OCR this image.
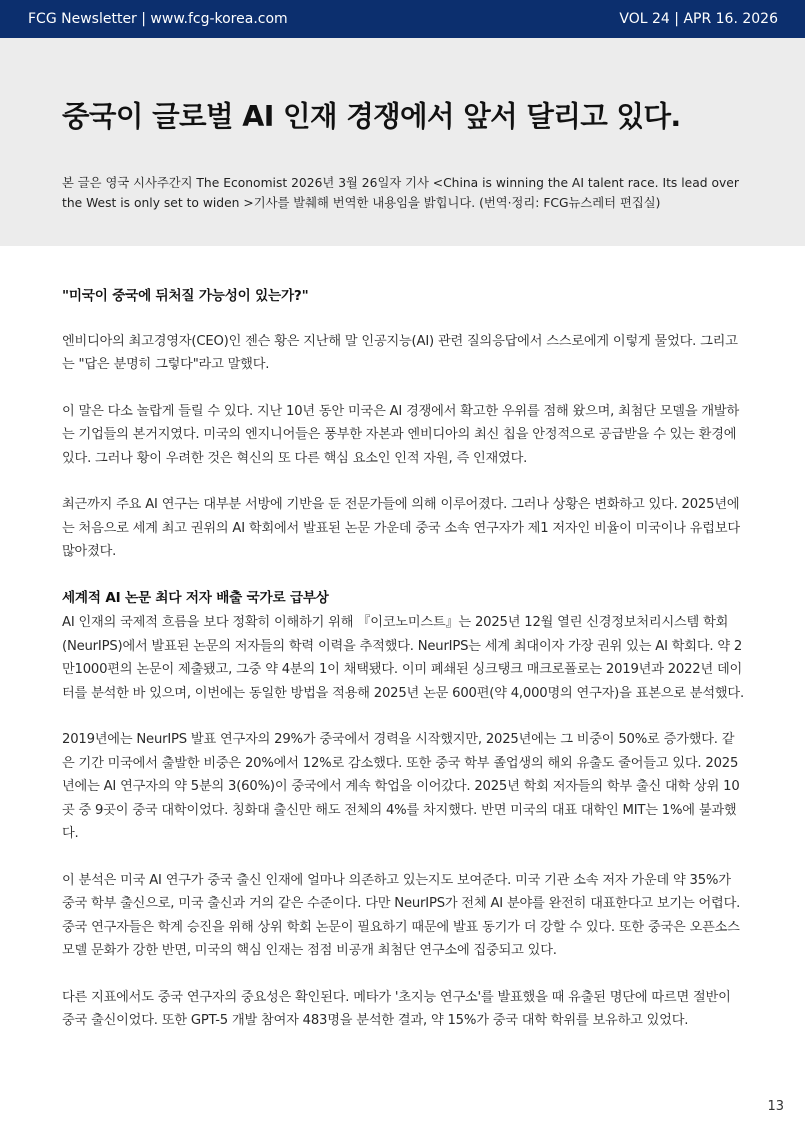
FCG Newsletter | www.fcg-korea.com	VOL 24 | APR 16. 2026
중국이 글로벌 AI 인재 경쟁에서 앞서 달리고 있다.

본 글은 영국 시사주간지 The Economist 2026년 3월 26일자 기사 <China is winning the AI talent race. Its lead over the West is only set to widen >기사를 발췌해 번역한 내용임을 밝힙니다. (번역·정리: FCG뉴스레터 편집실)

"미국이 중국에 뒤처질 가능성이 있는가?"

엔비디아의 최고경영자(CEO)인 젠슨 황은 지난해 말 인공지능(AI) 관련 질의응답에서 스스로에게 이렇게 물었다. 그리고는 "답은 분명히 그렇다"라고 말했다.

이 말은 다소 놀랍게 들릴 수 있다. 지난 10년 동안 미국은 AI 경쟁에서 확고한 우위를 점해 왔으며, 최첨단 모델을 개발하는 기업들의 본거지였다. 미국의 엔지니어들은 풍부한 자본과 엔비디아의 최신 칩을 안정적으로 공급받을 수 있는 환경에 있다. 그러나 황이 우려한 것은 혁신의 또 다른 핵심 요소인 인적 자원, 즉 인재였다.

최근까지 주요 AI 연구는 대부분 서방에 기반을 둔 전문가들에 의해 이루어졌다. 그러나 상황은 변화하고 있다. 2025년에는 처음으로 세계 최고 권위의 AI 학회에서 발표된 논문 가운데 중국 소속 연구자가 제1 저자인 비율이 미국이나 유럽보다 많아졌다.

세계적 AI 논문 최다 저자 배출 국가로 급부상

AI 인재의 국제적 흐름을 보다 정확히 이해하기 위해 『이코노미스트』는 2025년 12월 열린 신경정보처리시스템 학회(NeurIPS)에서 발표된 논문의 저자들의 학력 이력을 추적했다. NeurIPS는 세계 최대이자 가장 권위 있는 AI 학회다. 약 2만1000편의 논문이 제출됐고, 그중 약 4분의 1이 채택됐다. 이미 폐쇄된 싱크탱크 매크로폴로는 2019년과 2022년 데이터를 분석한 바 있으며, 이번에는 동일한 방법을 적용해 2025년 논문 600편(약 4,000명의 연구자)을 표본으로 분석했다.

2019년에는 NeurIPS 발표 연구자의 29%가 중국에서 경력을 시작했지만, 2025년에는 그 비중이 50%로 증가했다. 같은 기간 미국에서 출발한 비중은 20%에서 12%로 감소했다. 또한 중국 학부 졸업생의 해외 유출도 줄어들고 있다. 2025년에는 AI 연구자의 약 5분의 3(60%)이 중국에서 계속 학업을 이어갔다. 2025년 학회 저자들의 학부 출신 대학 상위 10곳 중 9곳이 중국 대학이었다. 칭화대 출신만 해도 전체의 4%를 차지했다. 반면 미국의 대표 대학인 MIT는 1%에 불과했다.

이 분석은 미국 AI 연구가 중국 출신 인재에 얼마나 의존하고 있는지도 보여준다. 미국 기관 소속 저자 가운데 약 35%가 중국 학부 출신으로, 미국 출신과 거의 같은 수준이다. 다만 NeurIPS가 전체 AI 분야를 완전히 대표한다고 보기는 어렵다. 중국 연구자들은 학계 승진을 위해 상위 학회 논문이 필요하기 때문에 발표 동기가 더 강할 수 있다. 또한 중국은 오픈소스 모델 문화가 강한 반면, 미국의 핵심 인재는 점점 비공개 최첨단 연구소에 집중되고 있다.

다른 지표에서도 중국 연구자의 중요성은 확인된다. 메타가 '초지능 연구소'를 발표했을 때 유출된 명단에 따르면 절반이 중국 출신이었다. 또한 GPT-5 개발 참여자 483명을 분석한 결과, 약 15%가 중국 대학 학위를 보유하고 있었다.

13
